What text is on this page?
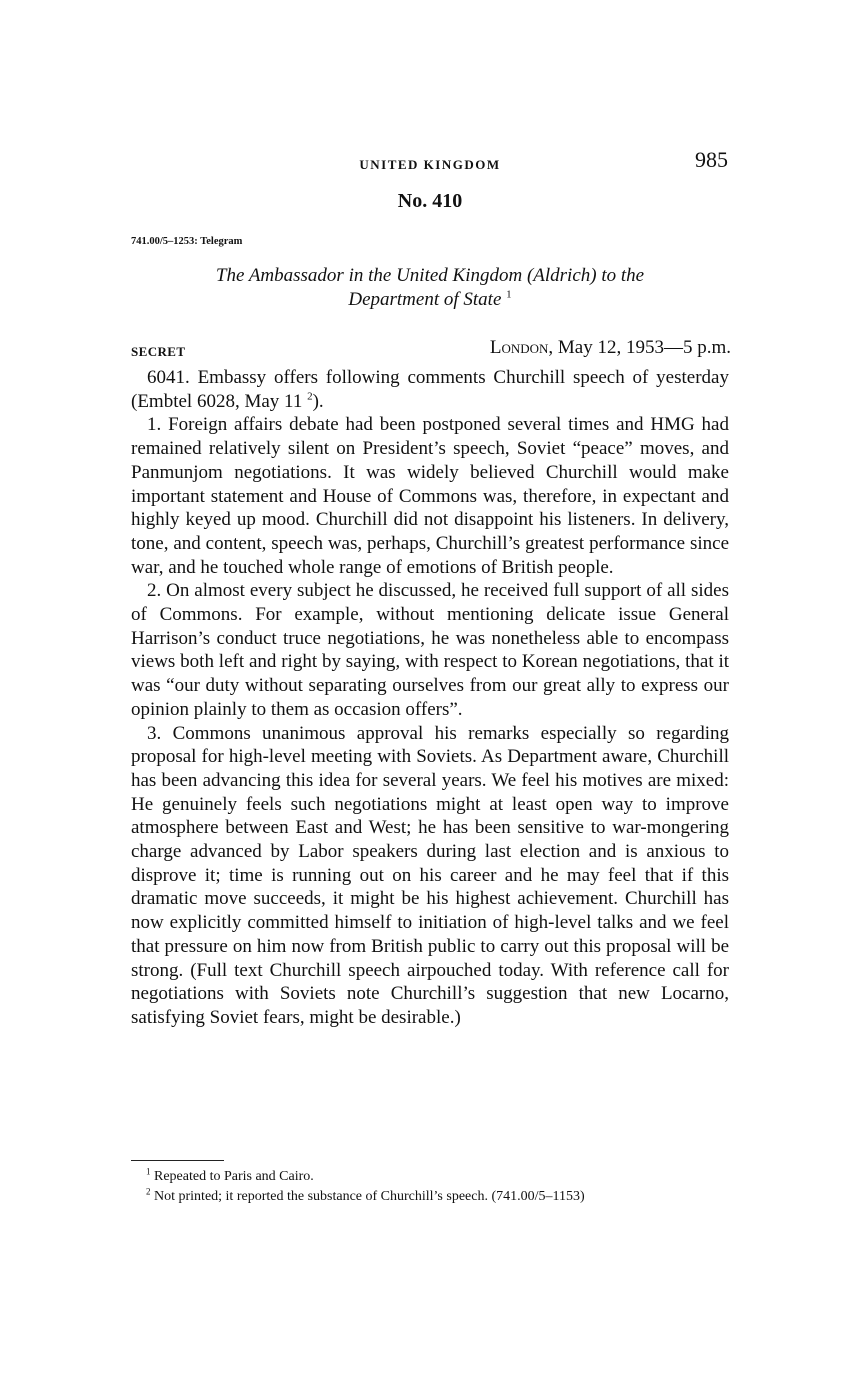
UNITED KINGDOM	985
No. 410
741.00/5–1253: Telegram
The Ambassador in the United Kingdom (Aldrich) to the
Department of State $^1$
SECRET	London, May 12, 1953—5 p.m.

6041. Embassy offers following comments Churchill speech of yesterday (Embtel 6028, May 11 $^2$).

1. Foreign affairs debate had been postponed several times and HMG had remained relatively silent on President’s speech, Soviet “peace” moves, and Panmunjom negotiations. It was widely believed Churchill would make important statement and House of Commons was, therefore, in expectant and highly keyed up mood. Churchill did not disappoint his listeners. In delivery, tone, and content, speech was, perhaps, Churchill’s greatest performance since war, and he touched whole range of emotions of British people.

2. On almost every subject he discussed, he received full support of all sides of Commons. For example, without mentioning delicate issue General Harrison’s conduct truce negotiations, he was nonetheless able to encompass views both left and right by saying, with respect to Korean negotiations, that it was “our duty without separating ourselves from our great ally to express our opinion plainly to them as occasion offers”.

3. Commons unanimous approval his remarks especially so regarding proposal for high-level meeting with Soviets. As Department aware, Churchill has been advancing this idea for several years. We feel his motives are mixed: He genuinely feels such negotiations might at least open way to improve atmosphere between East and West; he has been sensitive to war-mongering charge advanced by Labor speakers during last election and is anxious to disprove it; time is running out on his career and he may feel that if this dramatic move succeeds, it might be his highest achievement. Churchill has now explicitly committed himself to initiation of high-level talks and we feel that pressure on him now from British public to carry out this proposal will be strong. (Full text Churchill speech airpouched today. With reference call for negotiations with Soviets note Churchill’s suggestion that new Locarno, satisfying Soviet fears, might be desirable.)

$^1$ Repeated to Paris and Cairo.
$^2$ Not printed; it reported the substance of Churchill’s speech. (741.00/5–1153)
